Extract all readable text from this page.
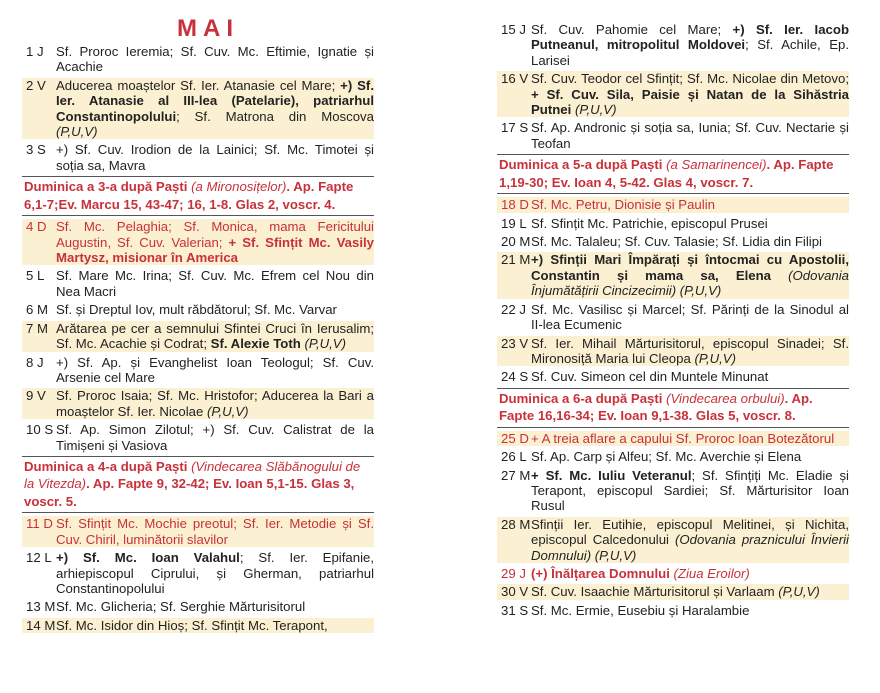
MAI
1 J Sf. Proroc Ieremia; Sf. Cuv. Mc. Eftimie, Ignatie și Acachie
2 V Aducerea moaștelor Sf. Ier. Atanasie cel Mare; +) Sf. Ier. Atanasie al III-lea (Patelarie), patriarhul Constantinopolului; Sf. Matrona din Moscova (P,U,V)
3 S +) Sf. Cuv. Irodion de la Lainici; Sf. Mc. Timotei și soția sa, Mavra
Duminica a 3-a după Paști (a Mironosițelor). Ap. Fapte 6,1-7;Ev. Marcu 15, 43-47; 16, 1-8. Glas 2, voscr. 4.
4 D Sf. Mc. Pelaghia; Sf. Monica, mama Fericitului Augustin, Sf. Cuv. Valerian; + Sf. Sfințit Mc. Vasily Martysz, misionar în America
5 L Sf. Mare Mc. Irina; Sf. Cuv. Mc. Efrem cel Nou din Nea Macri
6 M Sf. și Dreptul Iov, mult răbdătorul; Sf. Mc. Varvar
7 M Arătarea pe cer a semnului Sfintei Cruci în Ierusalim; Sf. Mc. Acachie și Codrat; Sf. Alexie Toth (P,U,V)
8 J +) Sf. Ap. și Evanghelist Ioan Teologul; Sf. Cuv. Arsenie cel Mare
9 V Sf. Proroc Isaia; Sf. Mc. Hristofor; Aducerea la Bari a moaștelor Sf. Ier. Nicolae (P,U,V)
10 S Sf. Ap. Simon Zilotul; +) Sf. Cuv. Calistrat de la Timișeni și Vasiova
Duminica a 4-a după Paști (Vindecarea Slăbănogului de la Vitezda). Ap. Fapte 9, 32-42; Ev. Ioan 5,1-15. Glas 3, voscr. 5.
11 D Sf. Sfințit Mc. Mochie preotul; Sf. Ier. Metodie și Sf. Cuv. Chiril, luminătorii slavilor
12 L +) Sf. Mc. Ioan Valahul; Sf. Ier. Epifanie, arhiepiscopul Ciprului, și Gherman, patriarhul Constantinopolului
13 M Sf. Mc. Glicheria; Sf. Serghie Mărturisitorul
14 M Sf. Mc. Isidor din Hioș; Sf. Sfințit Mc. Terapont,
15 J Sf. Cuv. Pahomie cel Mare; +) Sf. Ier. Iacob Putneanul, mitropolitul Moldovei; Sf. Achile, Ep. Larisei
16 V Sf. Cuv. Teodor cel Sfințit; Sf. Mc. Nicolae din Metovo; + Sf. Cuv. Sila, Paisie și Natan de la Sihăstria Putnei (P,U,V)
17 S Sf. Ap. Andronic și soția sa, Iunia; Sf. Cuv. Nectarie și Teofan
Duminica a 5-a după Paști (a Samarinencei). Ap. Fapte 1,19-30; Ev. Ioan 4, 5-42. Glas 4, voscr. 7.
18 D Sf. Mc. Petru, Dionisie și Paulin
19 L Sf. Sfințit Mc. Patrichie, episcopul Prusei
20 M Sf. Mc. Talaleu; Sf. Cuv. Talasie; Sf. Lidia din Filipi
21 M +) Sfinții Mari Împărați și întocmai cu Apostolii, Constantin și mama sa, Elena (Odovania Înjumătățirii Cincizecimii) (P,U,V)
22 J Sf. Mc. Vasilisc și Marcel; Sf. Părinți de la Sinodul al II-lea Ecumenic
23 V Sf. Ier. Mihail Mărturisitorul, episcopul Sinadei; Sf. Mironosiță Maria lui Cleopa (P,U,V)
24 S Sf. Cuv. Simeon cel din Muntele Minunat
Duminica a 6-a după Paști (Vindecarea orbului). Ap. Fapte 16,16-34; Ev. Ioan 9,1-38. Glas 5, voscr. 8.
25 D + A treia aflare a capului Sf. Proroc Ioan Botezătorul
26 L Sf. Ap. Carp și Alfeu; Sf. Mc. Averchie și Elena
27 M + Sf. Mc. Iuliu Veteranul; Sf. Sfințiți Mc. Eladie și Terapont, episcopul Sardiei; Sf. Mărturisitor Ioan Rusul
28 M Sfinții Ier. Eutihie, episcopul Melitinei, și Nichita, episcopul Calcedonului (Odovania praznicului Învierii Domnului) (P,U,V)
29 J (+) Înălțarea Domnului (Ziua Eroilor)
30 V Sf. Cuv. Isaachie Mărturisitorul și Varlaam (P,U,V)
31 S Sf. Mc. Ermie, Eusebiu și Haralambie
